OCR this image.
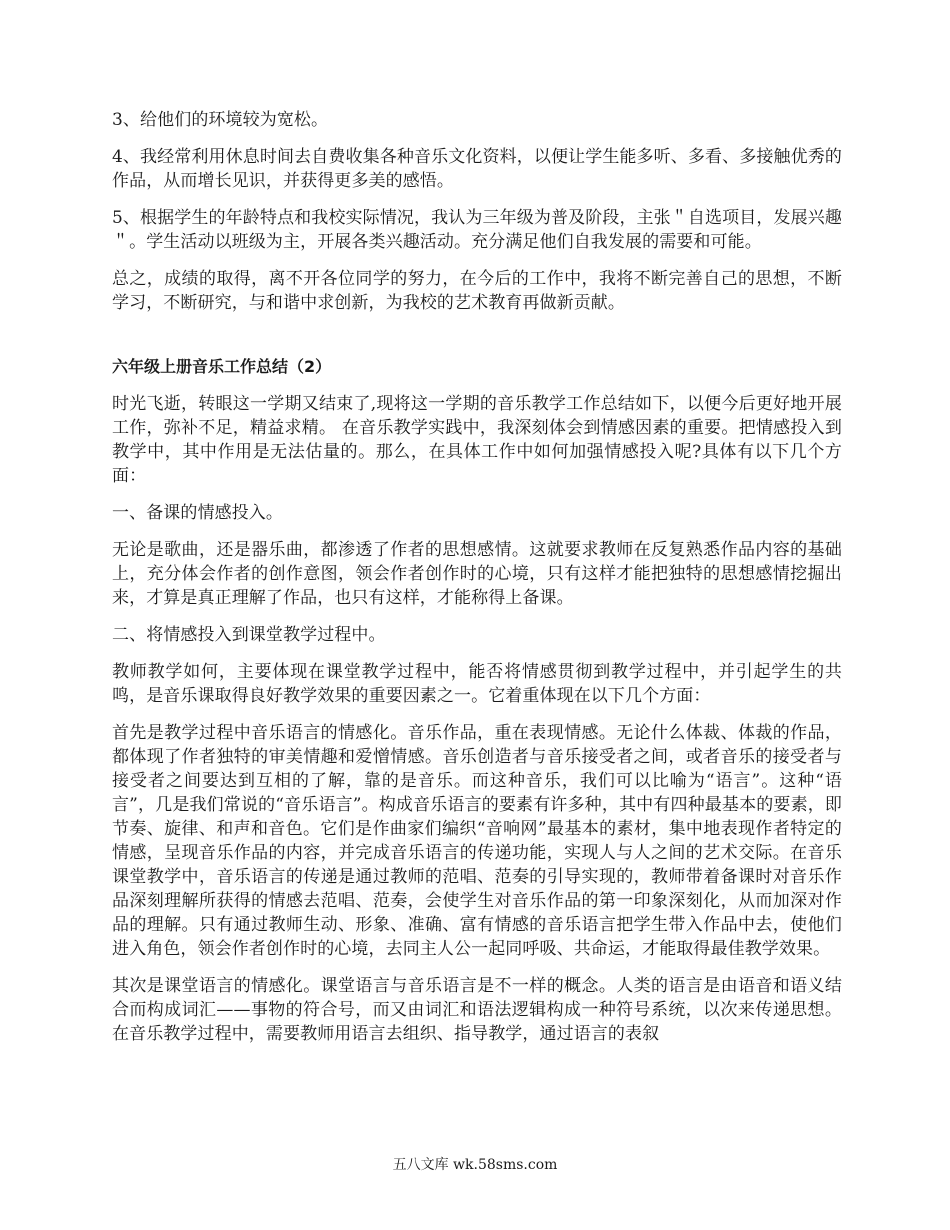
3、给他们的环境较为宽松。

4、我经常利用休息时间去自费收集各种音乐文化资料，以便让学生能多听、多看、多接触优秀的作品，从而增长见识，并获得更多美的感悟。

5、根据学生的年龄特点和我校实际情况，我认为三年级为普及阶段，主张＂自选项目，发展兴趣＂。学生活动以班级为主，开展各类兴趣活动。充分满足他们自我发展的需要和可能。

总之，成绩的取得，离不开各位同学的努力，在今后的工作中，我将不断完善自己的思想，不断学习，不断研究，与和谐中求创新，为我校的艺术教育再做新贡献。

六年级上册音乐工作总结（2）

时光飞逝，转眼这一学期又结束了,现将这一学期的音乐教学工作总结如下，以便今后更好地开展工作，弥补不足，精益求精。 在音乐教学实践中，我深刻体会到情感因素的重要。把情感投入到教学中，其中作用是无法估量的。那么，在具体工作中如何加强情感投入呢?具体有以下几个方面：

一、备课的情感投入。

无论是歌曲，还是器乐曲，都渗透了作者的思想感情。这就要求教师在反复熟悉作品内容的基础上，充分体会作者的创作意图，领会作者创作时的心境，只有这样才能把独特的思想感情挖掘出来，才算是真正理解了作品，也只有这样，才能称得上备课。

二、将情感投入到课堂教学过程中。

教师教学如何，主要体现在课堂教学过程中，能否将情感贯彻到教学过程中，并引起学生的共鸣，是音乐课取得良好教学效果的重要因素之一。它着重体现在以下几个方面：

首先是教学过程中音乐语言的情感化。音乐作品，重在表现情感。无论什么体裁、体裁的作品，都体现了作者独特的审美情趣和爱憎情感。音乐创造者与音乐接受者之间，或者音乐的接受者与接受者之间要达到互相的了解，靠的是音乐。而这种音乐，我们可以比喻为“语言”。这种“语言”，几是我们常说的“音乐语言”。构成音乐语言的要素有许多种，其中有四种最基本的要素，即节奏、旋律、和声和音色。它们是作曲家们编织“音响网”最基本的素材，集中地表现作者特定的情感，呈现音乐作品的内容，并完成音乐语言的传递功能，实现人与人之间的艺术交际。在音乐课堂教学中，音乐语言的传递是通过教师的范唱、范奏的引导实现的，教师带着备课时对音乐作品深刻理解所获得的情感去范唱、范奏，会使学生对音乐作品的第一印象深刻化，从而加深对作品的理解。只有通过教师生动、形象、准确、富有情感的音乐语言把学生带入作品中去，使他们进入角色，领会作者创作时的心境，去同主人公一起同呼吸、共命运，才能取得最佳教学效果。

其次是课堂语言的情感化。课堂语言与音乐语言是不一样的概念。人类的语言是由语音和语义结合而构成词汇——事物的符合号，而又由词汇和语法逻辑构成一种符号系统，以次来传递思想。在音乐教学过程中，需要教师用语言去组织、指导教学，通过语言的表叙

五八文库 wk.58sms.com
